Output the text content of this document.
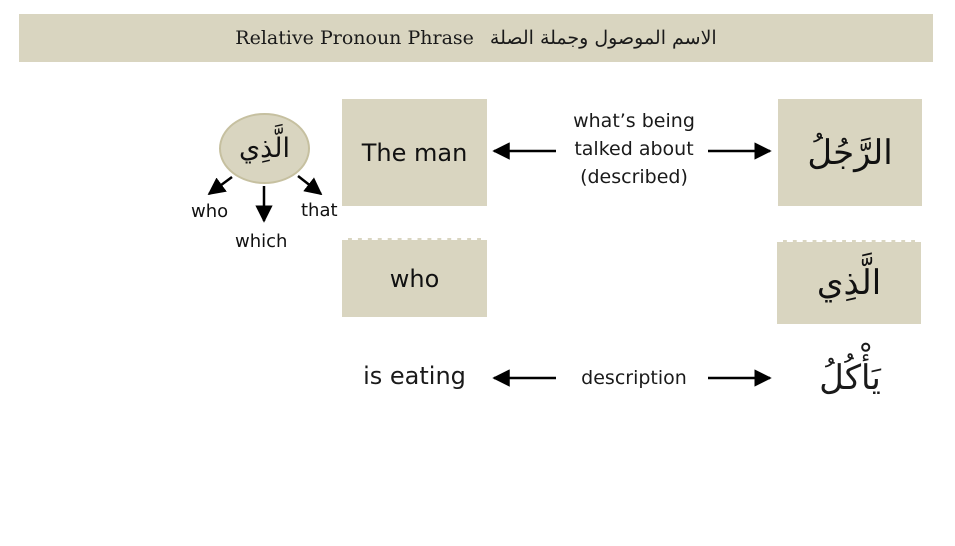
Relative Pronoun Phrase الاسم الموصول وجملة الصلة
الَّذِي
who
which
that
The man
who
is eating
الرَّجُلُ
الَّذِي
يَأْكُلُ
what’s being
talked about
(described)
description
